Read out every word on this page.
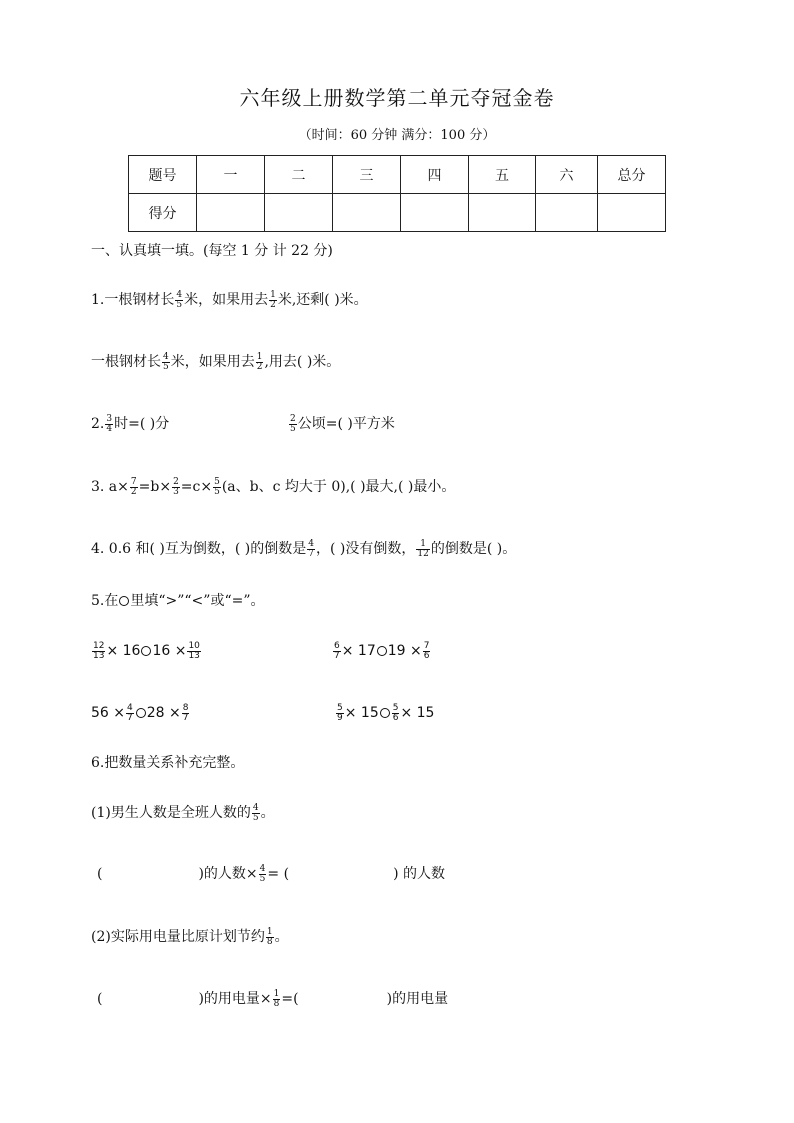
六年级上册数学第二单元夺冠金卷
（时间：60 分钟 满分：100 分）
题号	一	二	三	四	五	六	总分
得分							
一、认真填一填。(每空 1 分 计 22 分)
1.一根钢材长 $\frac{4}{5}$ 米，如果用去 $\frac{1}{2}$ 米,还剩( )米。
一根钢材长 $\frac{4}{5}$ 米，如果用去 $\frac{1}{2}$ ,用去( )米。
2. $\frac{3}{4}$ 时=( )分	$\frac{2}{5}$ 公顷=( )平方米
3. $a\times \frac{7}{2} =b\times \frac{2}{3} =c\times \frac{5}{5} (a$、b、c 均大于 0),( )最大,( )最小。
4. 0.6 和( )互为倒数，( )的倒数是 $\frac{4}{7}$ ，( )没有倒数， $\frac{1}{12}$ 的倒数是( )。
5.在 里填“>”“<”或“=”。
$\frac{12}{13} \times 16$ $16 \times \frac{10}{13}$	$\frac{6}{7} \times 17$ $19 \times \frac{7}{6}$
$56 \times \frac{4}{7} 28 \times \frac{8}{7}$	$\frac{5}{9} \times 15 \frac{5}{6} \times 15$
6.把数量关系补充完整。
(1)男生人数是全班人数的 $\frac{4}{5}$ 。
(	)的人数× $\frac{4}{5}$ = (	) 的人数
(2)实际用电量比原计划节约 $\frac{1}{8}$ 。
(	)的用电量× $\frac{1}{8}$ =(	)的用电量
